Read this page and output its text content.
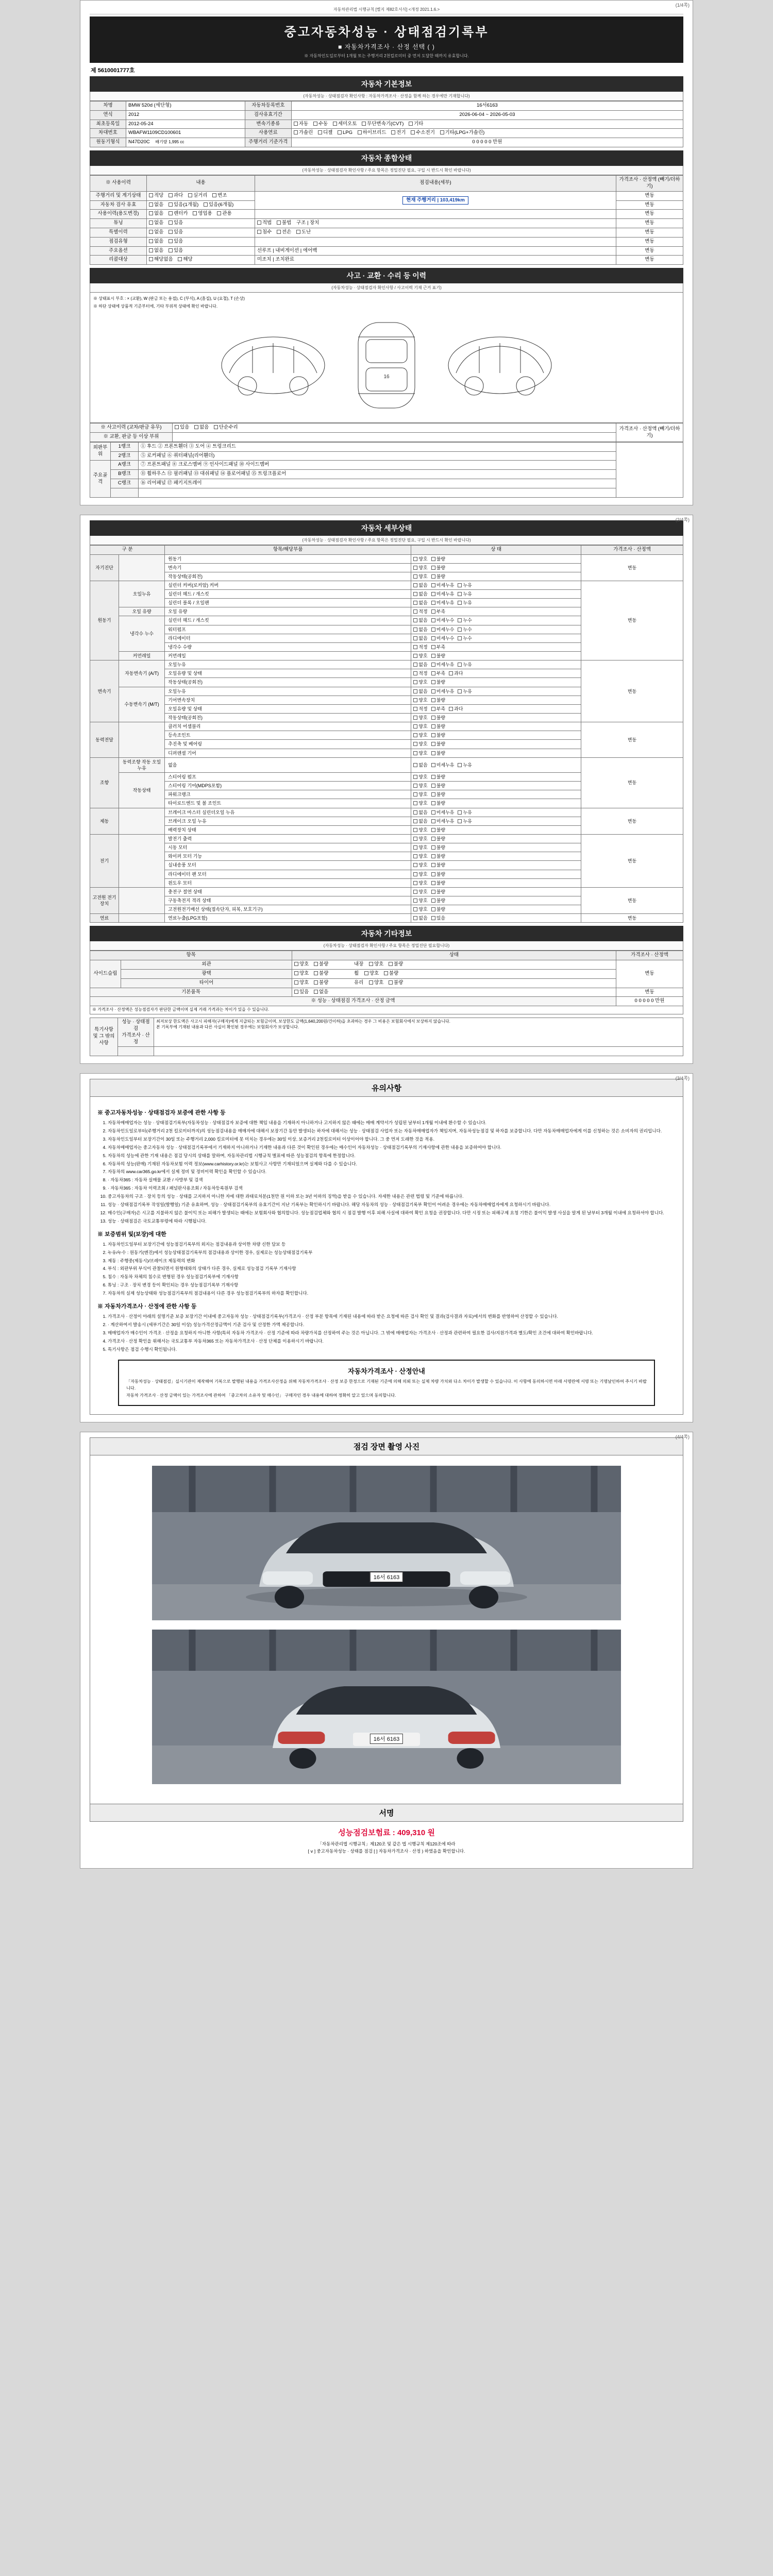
(1/4쪽)
자동차관리법 시행규칙 [별지 제82호서식] <개정 2021.1.6.>
중고자동차성능 · 상태점검기록부
■ 자동차가격조사 · 산정 선택 ( )
※ 자동차인도일로부터 1개월 또는 주행거리 2천킬로미터 중 먼저 도달한 때까지 유효합니다.
제 5610001777호
자동차 기본정보
(자동차성능 · 상태점검자 확인사항 : 자동차가격조사 · 산정을 함께 하는 경우에만 기재합니다)
차명	BMW 520d (세단형)	자동차등록번호	16서6163
연식	2012	검사유효기간	2026-06-04 ~ 2026-05-03
최초등록일	2012-05-24	변속기종류	자동 수동 세미오토 무단변속기(CVT) 기타
차대번호	WBAFW1109CD100601	사용연료	가솔린 디젤 LPG 하이브리드 전기 수소전기 기타(LPG+가솔린)
원동기형식	N47D20C 배기량 1,995 cc	주행거리 기준가격	0 0 0 0 0 만원
자동차 종합상태
(자동차성능 · 상태점검자 확인사항 / 주요 항목은 정밀진단 필요, 구입 시 반드시 확인 바랍니다)
※ 사용이력	내용	점검내용(세부)	가격조사 · 산정액 (빼기/더하기)
주행거리 및 계기상태	적당 과다 실거리 변조	현재 주행거리 | 103,419km	변동
자동차 검사 유효	없음 있음(1개월) 있음(6개월)		변동
사용이력(용도변경)	없음 렌터카 영업용 관용		변동
튜닝	없음 있음	적법 불법 구조 | 장치	변동
특별이력	없음 있음	침수 전손 도난	변동
점검유형	없음 있음		변동
주요옵션	없음 있음	선루프 | 내비게이션 | 에어백	변동
리콜대상	해당없음 해당	미조치 | 조치완료	변동
사고 · 교환 · 수리 등 이력
(자동차성능 · 상태점검자 확인사항 / 사고이력 기재 근거 표기)
※ 상태표시 부호 : × (교환), W (판금 또는 용접), C (부식), A (흠집), U (요철), T (손상)
※ 하단 상태에 상품적 기준부터에, 기타 부위적 상태에 확인 바랍니다.
16
※ 사고이력 (교차/판금 유무)	있음 없음 단순수리	가격조사 · 산정액 (빼기/더하기)
※ 교환, 판금 등 이상 부위		
외판부위	1랭크	① 후드 ② 프론트휀더 ③ 도어 ④ 트렁크리드	
	2랭크	⑤ 로커패널 ⑥ 쿼터패널(리어휀더)	
주요골격	A랭크	⑦ 프론트패널 ⑧ 크로스멤버 ⑨ 인사이드패널 ⑩ 사이드멤버	
	B랭크	⑪ 휠하우스 ⑫ 필러패널 ⑬ 대쉬패널 ⑭ 플로어패널 ⑮ 트렁크플로어	
	C랭크	⑯ 리어패널 ⑰ 패키지트레이	

(2/4쪽)
자동차 세부상태
(자동차성능 · 상태점검자 확인사항 / 주요 항목은 정밀진단 필요, 구입 시 반드시 확인 바랍니다)
구 분		항목/해당부품	상 태	가격조사 · 산정액
자기진단		원동기	양호 불량	변동
		변속기	양호 불량	
		작동상태(공회전)	양호 불량	
원동기	오일누유	실린더 커버(로커암) 커버	없음 미세누유 누유	변동
		실린더 헤드 / 개스킷	없음 미세누유 누유	
		실린더 블록 / 오일팬	없음 미세누유 누유	
	오일 유량	오일 유량	적정 부족	
	냉각수 누수	실린더 헤드 / 개스킷	없음 미세누수 누수	
		워터펌프	없음 미세누수 누수	
		라디에이터	없음 미세누수 누수	
		냉각수 수량	적정 부족	
	커먼레일	커먼레일	양호 불량	
변속기	자동변속기 (A/T)	오일누유	없음 미세누유 누유	변동
		오일유량 및 상태	적정 부족 과다	
		작동상태(공회전)	양호 불량	
	수동변속기 (M/T)	오일누유	없음 미세누유 누유	
		기어변속장치	양호 불량	
		오일유량 및 상태	적정 부족 과다	
		작동상태(공회전)	양호 불량	
동력전달		클러치 어셈블리	양호 불량	변동
		등속조인트	양호 불량	
		추진축 및 베어링	양호 불량	
		디퍼렌셜 기어	양호 불량	
조향	동력조향 작동 오일 누유	없음	없음 미세누유 누유	변동
	작동상태	스티어링 펌프	양호 불량	
		스티어링 기어(MDPS포함)	양호 불량	
		파워크랭크	양호 불량	
		타이로드엔드 및 볼 조인트	양호 불량	
제동		브레이크 마스터 실린더오일 누유	없음 미세누유 누유	변동
		브레이크 오일 누유	없음 미세누유 누유	
		배력장치 상태	양호 불량	
전기		발전기 출력	양호 불량	변동
		시동 모터	양호 불량	
		와이퍼 모터 기능	양호 불량	
		실내송풍 모터	양호 불량	
		라디에이터 팬 모터	양호 불량	
		윈도우 모터	양호 불량	
고전원 전기장치		충전구 절연 상태	양호 불량	변동
		구동축전지 격리 상태	양호 불량	
		고전원전기배선 상태(접속단자, 피복, 보호기구)	양호 불량	
연료		연료누출(LPG포함)	없음 있음	변동
자동차 기타정보
(자동차성능 · 상태점검자 확인사항 / 주요 항목은 정밀진단 필요합니다)
항목		상태	가격조사 · 산정액
사이드슬립	외관	양호 불량 내장 양호 불량	변동
	광택	양호 불량 휠 양호 불량	
	타이어	양호 불량 유리 양호 불량	
기본품목		있음 없음	변동
※ 성능 · 상태점검 가격조사 · 산정 금액			0 0 0 0 0 만원
※ 가격조사 · 산정액은 성능점검자가 판단한 금액이며 실제 거래 가격과는 차이가 있을 수 있습니다.			
특기사항 및 그 밖의 사항	성능 · 상태점검
가격조사 · 산정	
최저보상 한도액은 사고시 피해자(구매자)에게 지급되는 보험금이며, 보상한도 금액(1,640,200원/건이하)을 초과하는 경우 그 비용은 보험회사에서 보상하지 않습니다.
본 기록부에 기재된 내용과 다른 사실이 확인된 경우에는 보험회사가 보상합니다.

(3/4쪽)
유의사항
※ 중고자동차성능 · 상태점검자 보증에 관한 사항 등
1. 자동차매매업자는 성능 · 상태점검기록부(자동차성능 · 상태점검자 보증에 대한 책임 내용을 기재하지 아니하거나 고지하지 않은 때에는 매매 계약서가 성립된 날부터 1개월 이내에 환수할 수 있습니다.
2. 자동차인도일로부터(주행거리 2천 킬로미터까지)의 성능점검내용을 매매자에 대해서 보장기간 동안 발생되는 하자에 대해서는 성능 · 상태점검 사업자 또는 자동차매매업자가 책임지며, 자동차성능점검 및 하자를 보증합니다. 다만 자동차매매업자에게 이를 신청하는 것은 소비자의 권리입니다.
3. 자동차인도일부터 보장기간이 30일 또는 주행거리 2,000 킬로미터에 못 미치는 경우에는 30일 이상, 보증거리 2천킬로미터 이상이어야 합니다. 그 중 먼저 도래한 것을 적용.
4. 자동차매매업자는 중고자동차 성능 · 상태점검기록부에서 기재하지 아니하거나 기재한 내용과 다른 것이 확인된 경우에는 매수인이 자동차성능 · 상태점검기록부의 기재사항에 관한 내용을 보증하여야 합니다.
5. 자동차의 성능에 관한 기재 내용은 점검 당시의 상태를 말하며, 자동차관리법 시행규칙 별표에 따른 성능점검의 항목에 한정합니다.
6. 자동차의 성능(판매) 기재된 자동차보험 이력 정보(www.carhistory.or.kr)는 보험사고 사항만 기재되었으며 실제와 다를 수 있습니다.
7. 자동차의 www.car365.go.kr에서 실제 정비 및 정비이력 확인을 확인할 수 있습니다.
8. · 자동차365 : 자동차 실매물 교환 / 사방부 및 검색
9. · 자동차365 : 자동차 이력조회 / 패널판사용조회 / 자동차등록원부 검색
10. 중고자동차의 구조 · 장치 등의 성능 · 상태를 고지하지 아니한 자에 대한 과태료처분(1천만 원 이하 또는 3년 이하의 징역)을 받을 수 있습니다. 자세한 내용은 관련 법령 및 기준에 따릅니다.
11. 성능 · 상태점검기록부 작성일(발행일) 기준 유효하며, 성능 · 상태점검기록부의 유효기간이 지난 기록부는 확인하시기 바랍니다. 해당 자동차의 성능 · 상태점검기록부 확인이 어려운 경우에는 자동차매매업자에게 요청하시기 바랍니다.
12. 매수인(구매자)은 시고를 지불하지 않은 불이익 또는 피해가 발생되는 때에는 보험회사와 협의합니다. 성능점검업체와 협의 시 점검 발행 이후 피해 사실에 대하여 확인 요청을 권장합니다. 다만 시정 또는 피해구제 요청 기한은 불이익 발생 사실을 알게 된 날부터 3개월 이내에 요청하셔야 합니다.
13. 성능 · 상태점검은 국토교통부령에 따라 시행됩니다.
※ 보증범위 및(보장)에 대한
1. 자동차인도일부터 보장기간에 성능점검기록부의 외지는 점검내용과 상이한 차량 신한 담보 등
2. 누유/누수 : 원동기(엔진)에서 성능상태점검기록부의 점검내용과 상이한 경우, 실제로는 성능상태점검기록부
3. 제동 : 주행중(제동시)/브레이크 제동력의 변화
4. 부식 : 외판부위 부식이 관찰되면서 원형태와의 상태가 다른 경우, 실제로 성능점검 기록부 기재사항
5. 침수 : 자동차 차체의 침수로 변형된 경우 성능점검기록부에 기재사항
6. 튜닝 : 구조 · 장치 변경 등이 확인되는 경우 성능점검기록부 기재사항
7. 자동차의 실제 성능상태와 성능점검기록부의 점검내용이 다른 경우 성능점검기록부의 하자를 확인합니다.
※ 자동차가격조사 · 산정에 관한 사항 등
1. 가격조사 · 산정이 아래의 설명기준 보증 보장기간 이내에 중고자동차 성능 · 상태점검기록부(가격조사 · 산정 부분 항목에 기재된 내용에 따라 받은 요청에 따른 검사 확인 및 결과(검사결과 자료)에서의 변화를 반영하여 산정할 수 있습니다.
2. · 계산하여서 발송시 (세부기간은 30일 이상) 성능가격산정금액이 기준 검사 및 산정한 가액 제공합니다.
3. 매매업자가 매수인이 가격조 · 산정을 요청하지 아니한 사항(특히 자동차 가격조사 · 산정 기준에 따라 차량가치를 산정하여 주는 것은 아닙니다. 그 밖에 매매업자는 가격조사 · 산정과 관련하여 필요한 검사/지원가격과 별도/확인 조건에 대하여 확인바랍니다.
4. 가격조사 · 산정 확인을 위해서는 국토교통부 자동차365 또는 자동차가격조사 · 산정 단체를 이용하시기 바랍니다.
5. 특기사항은 점검 수행시 확인됩니다.
자동차가격조사 · 산정안내

「자동차성능 · 상태점검」실시기관이 제작해여 기록으로 발행된 내용을 가격조사산정을 위해 자동차가격조사 · 산정 보증 한정으로 기재된 기준에 의해 의뢰 또는 실제 차량 가치와 다소 차이가 발생할 수 있습니다. 이 사항에 동의하시면 아래 서명란에 서명 또는 기명날인하여 주시기 바랍니다.

자동차 가격조사 · 산정 금액이 있는 가격조사에 관하여 「중고차의 소유자 및 매수인」 구매자인 경우 내용에 대하여 정확히 알고 있으며 동의합니다.

(4/4쪽)
점검 장면 촬영 사진
16서 6163
16서 6163
서명
성능점검보험료 : 409,310 원
「자동차관리법 시행규칙」제120조 및 같은 법 시행규칙 제120조에 따라
[ ⅴ ] 중고자동차성능 · 상태를 점검 [ ] 자동차가격조사 · 산정 ) 하였음을 확인합니다.
